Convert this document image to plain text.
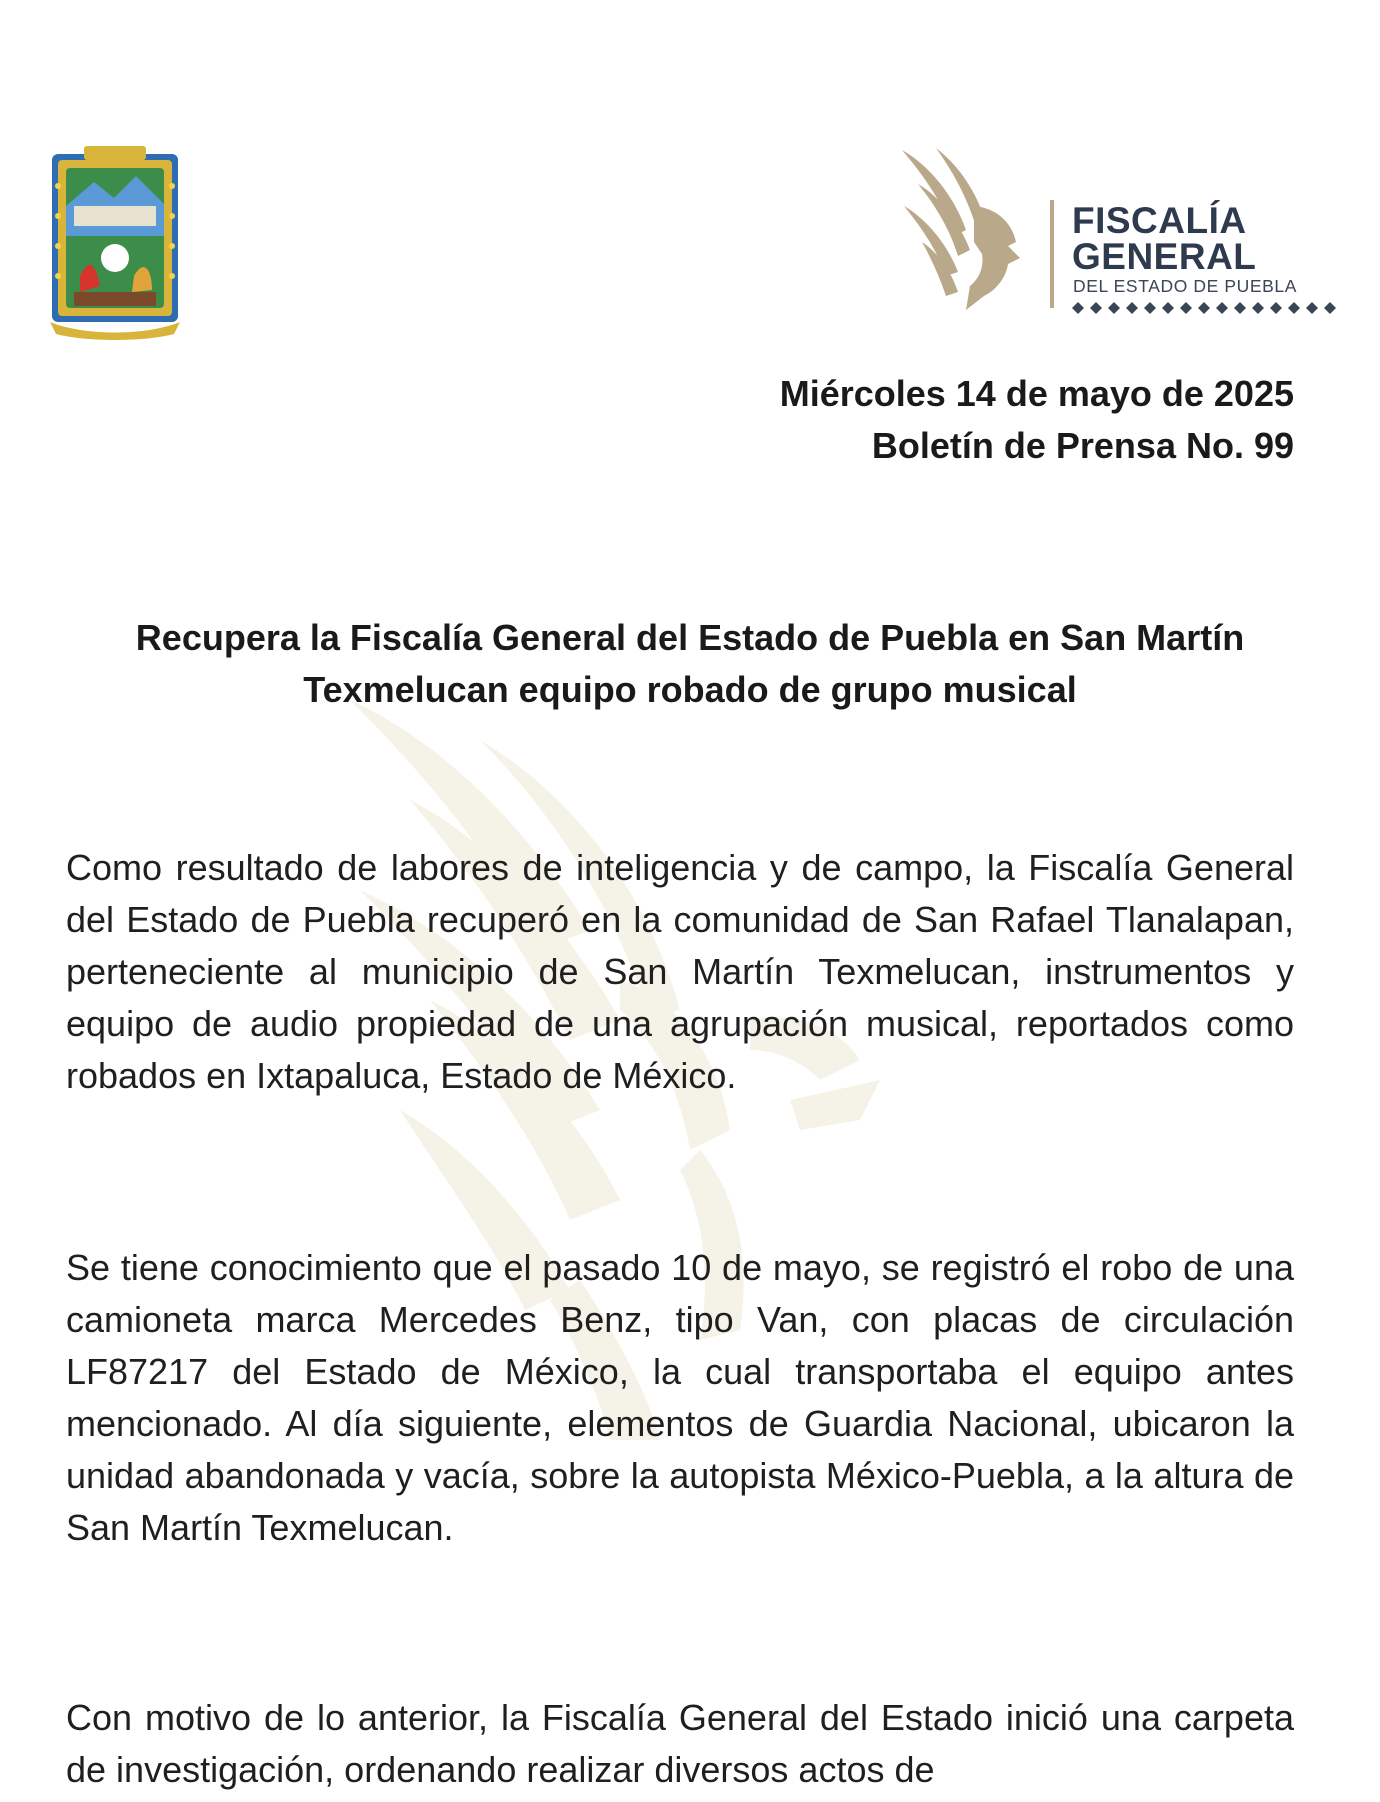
FISCALÍA
GENERAL
DEL ESTADO DE PUEBLA
Miércoles 14 de mayo de 2025
Boletín de Prensa No. 99
Recupera la Fiscalía General del Estado de Puebla en San Martín Texmelucan equipo robado de grupo musical

Como resultado de labores de inteligencia y de campo, la Fiscalía General del Estado de Puebla recuperó en la comunidad de San Rafael Tlanalapan, perteneciente al municipio de San Martín Texmelucan, instrumentos y equipo de audio propiedad de una agrupación musical, reportados como robados en Ixtapaluca, Estado de México.

Se tiene conocimiento que el pasado 10 de mayo, se registró el robo de una camioneta marca Mercedes Benz, tipo Van, con placas de circulación LF87217 del Estado de México, la cual transportaba el equipo antes mencionado. Al día siguiente, elementos de Guardia Nacional, ubicaron la unidad abandonada y vacía, sobre la autopista México-Puebla, a la altura de San Martín Texmelucan.

Con motivo de lo anterior, la Fiscalía General del Estado inició una carpeta de investigación, ordenando realizar diversos actos de
